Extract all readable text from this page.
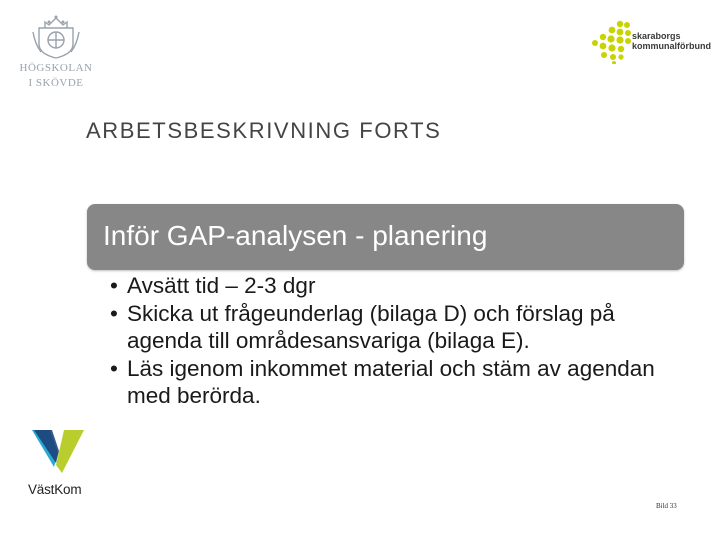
HÖGSKOLAN
I SKÖVDE
skaraborgs
kommunalförbund
ARBETSBESKRIVNING FORTS
Inför GAP-analysen - planering
• Avsätt tid – 2-3 dgr
• Skicka ut frågeunderlag (bilaga D) och förslag på agenda till områdesansvariga (bilaga E).
• Läs igenom inkommet material och stäm av agendan med berörda.
VästKom
Bild 33
